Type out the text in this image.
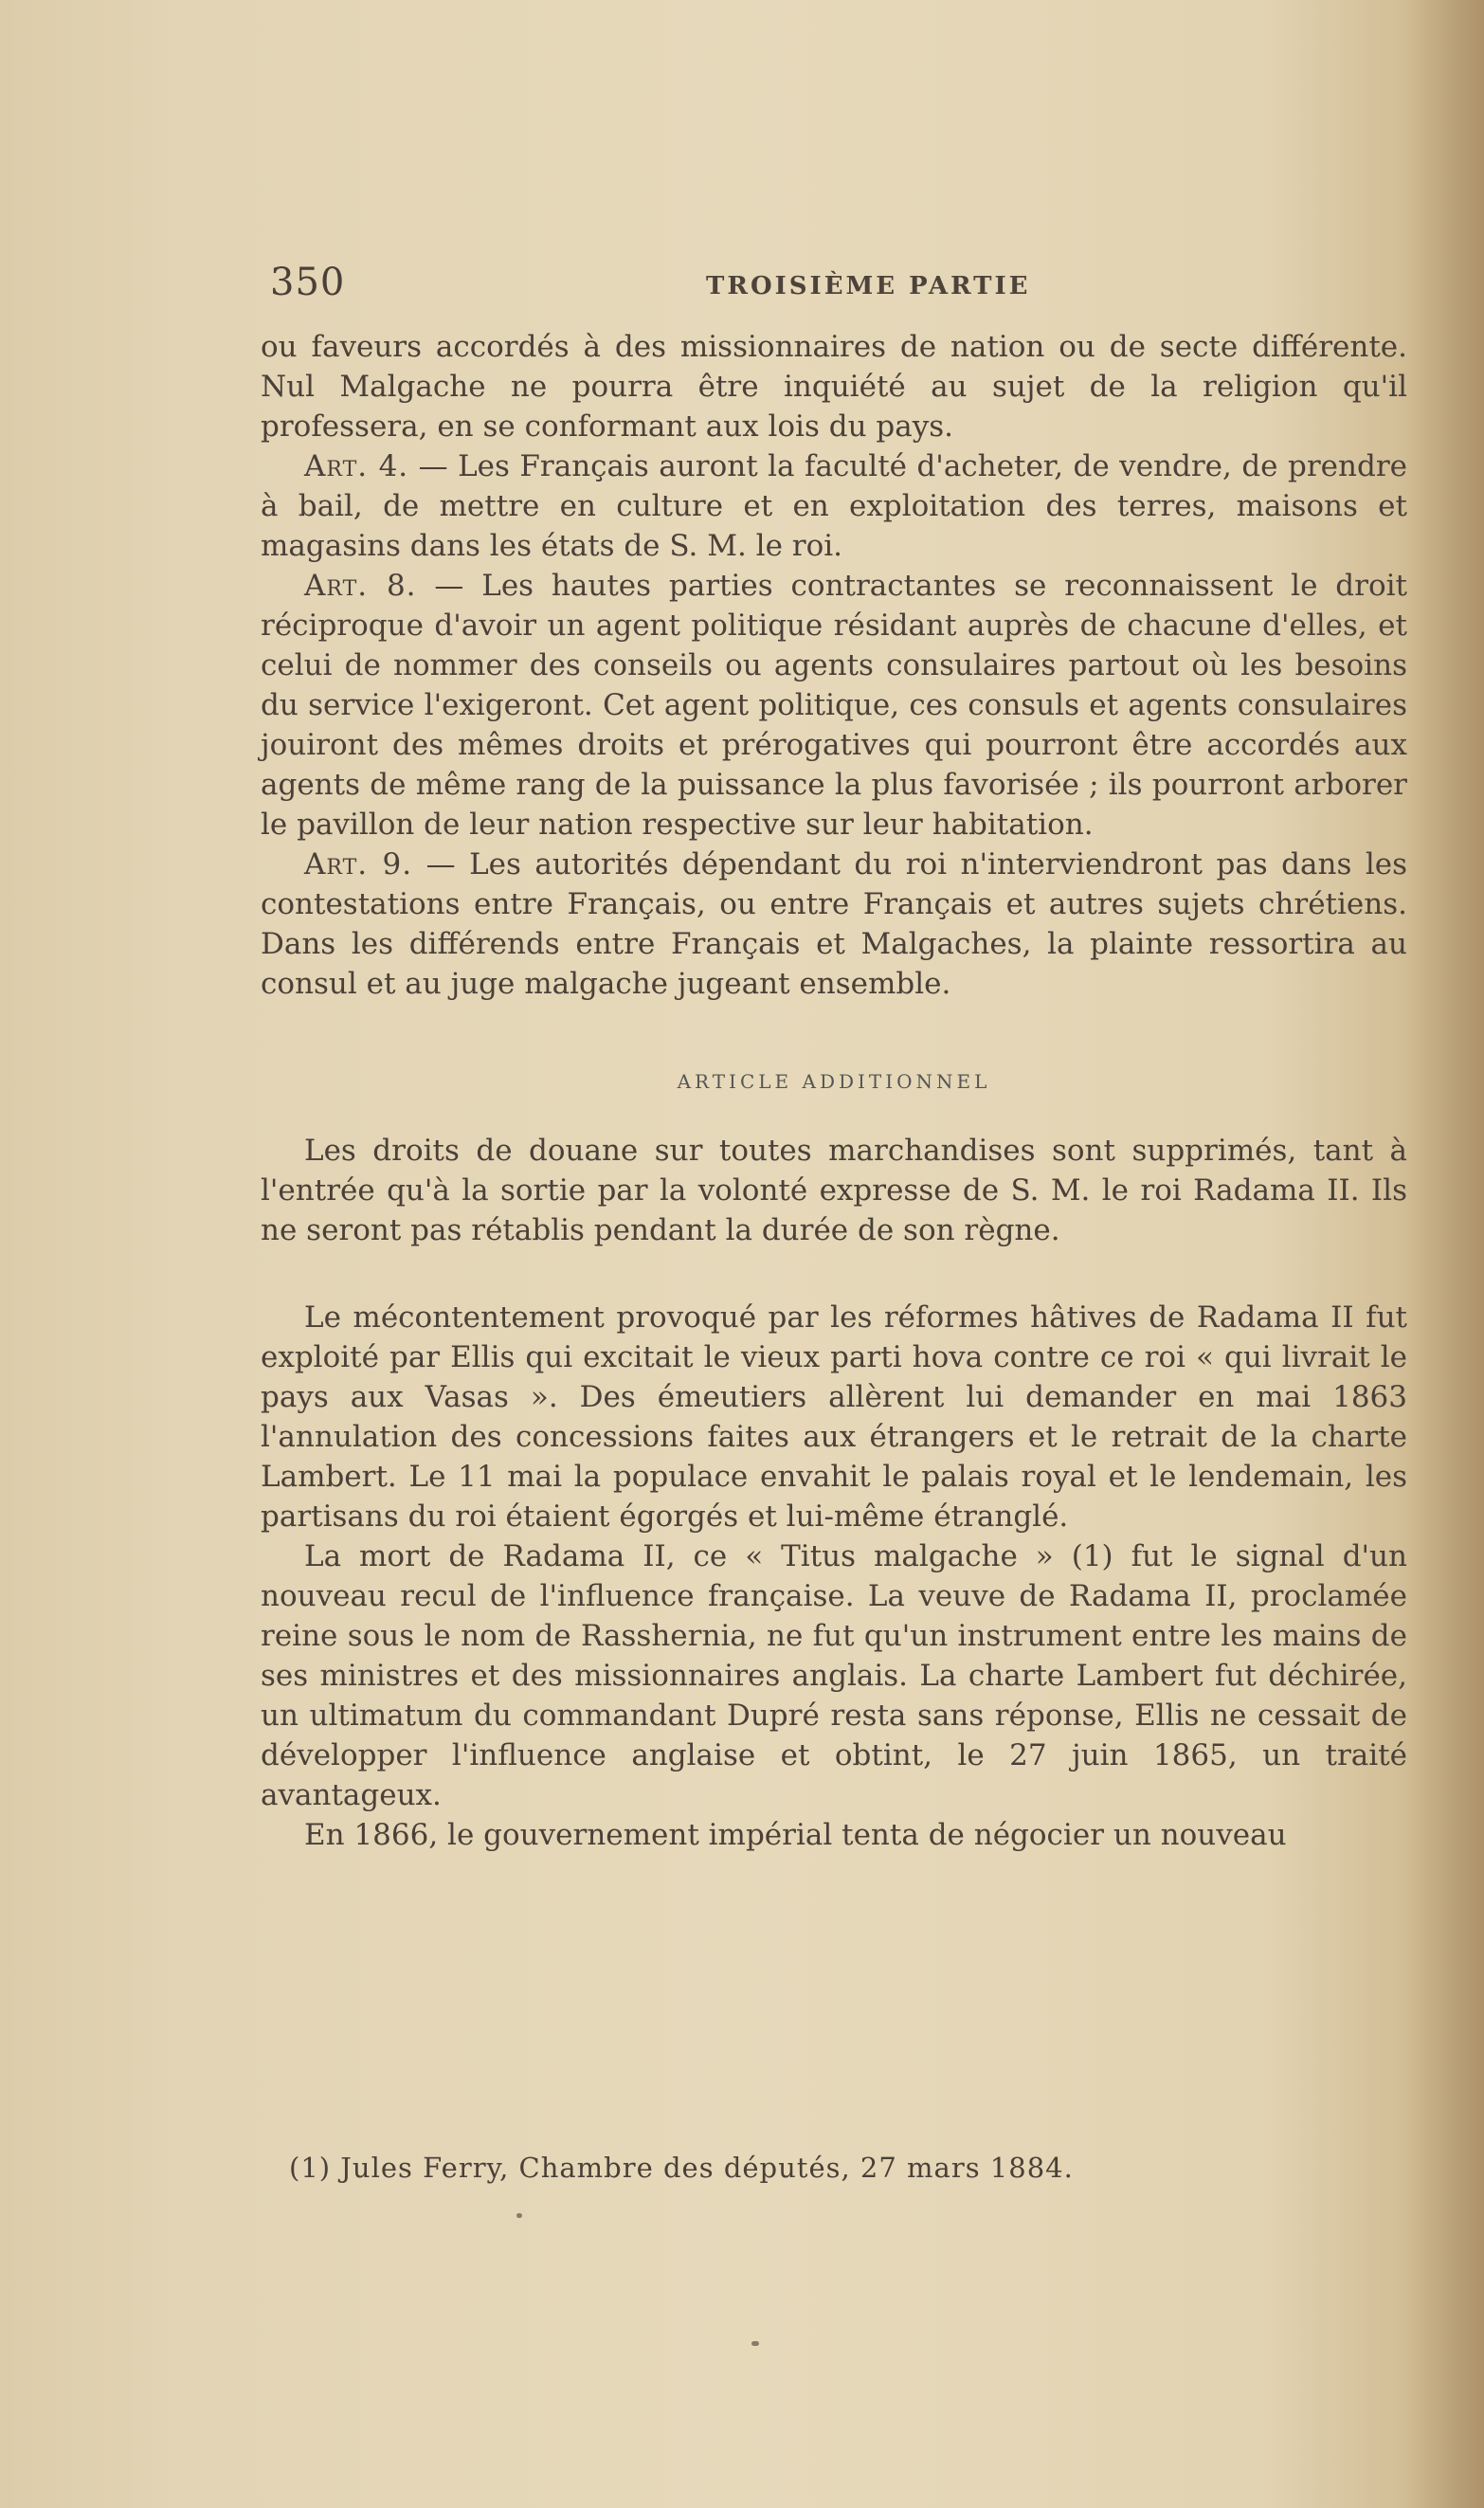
350	TROISIÈME PARTIE

ou faveurs accordés à des missionnaires de nation ou de secte différente. Nul Malgache ne pourra être inquiété au sujet de la religion qu'il professera, en se conformant aux lois du pays.

Art. 4. — Les Français auront la faculté d'acheter, de vendre, de prendre à bail, de mettre en culture et en exploitation des terres, maisons et magasins dans les états de S. M. le roi.

Art. 8. — Les hautes parties contractantes se reconnaissent le droit réciproque d'avoir un agent politique résidant auprès de chacune d'elles, et celui de nommer des conseils ou agents consulaires partout où les besoins du service l'exigeront. Cet agent politique, ces consuls et agents consulaires jouiront des mêmes droits et prérogatives qui pourront être accordés aux agents de même rang de la puissance la plus favorisée ; ils pourront arborer le pavillon de leur nation respective sur leur habitation.

Art. 9. — Les autorités dépendant du roi n'interviendront pas dans les contestations entre Français, ou entre Français et autres sujets chrétiens. Dans les différends entre Français et Malgaches, la plainte ressortira au consul et au juge malgache jugeant ensemble.

ARTICLE ADDITIONNEL

Les droits de douane sur toutes marchandises sont supprimés, tant à l'entrée qu'à la sortie par la volonté expresse de S. M. le roi Radama II. Ils ne seront pas rétablis pendant la durée de son règne.

Le mécontentement provoqué par les réformes hâtives de Radama II fut exploité par Ellis qui excitait le vieux parti hova contre ce roi « qui livrait le pays aux Vasas ». Des émeutiers allèrent lui demander en mai 1863 l'annulation des concessions faites aux étrangers et le retrait de la charte Lambert. Le 11 mai la populace envahit le palais royal et le lendemain, les partisans du roi étaient égorgés et lui-même étranglé.

La mort de Radama II, ce « Titus malgache » (1) fut le signal d'un nouveau recul de l'influence française. La veuve de Radama II, proclamée reine sous le nom de Rasshernia, ne fut qu'un instrument entre les mains de ses ministres et des missionnaires anglais. La charte Lambert fut déchirée, un ultimatum du commandant Dupré resta sans réponse, Ellis ne cessait de développer l'influence anglaise et obtint, le 27 juin 1865, un traité avantageux.

En 1866, le gouvernement impérial tenta de négocier un nouveau

(1) Jules Ferry, Chambre des députés, 27 mars 1884.
